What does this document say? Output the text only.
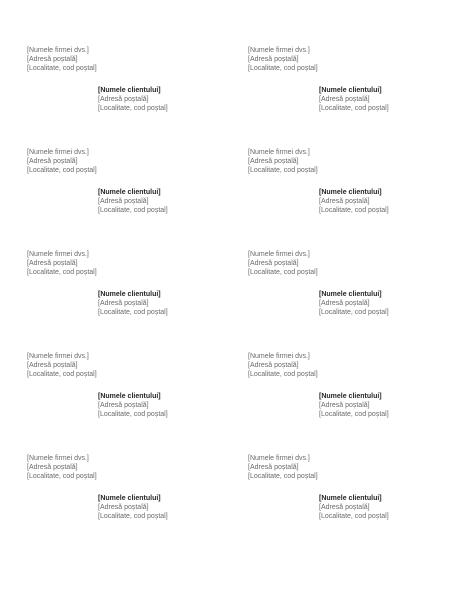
[Numele firmei dvs.]
[Adresă poștală]
[Localitate, cod poștal]
[Numele clientului]
[Adresă poștală]
[Localitate, cod poștal]
[Numele firmei dvs.]
[Adresă poștală]
[Localitate, cod poștal]
[Numele clientului]
[Adresă poștală]
[Localitate, cod poștal]
[Numele firmei dvs.]
[Adresă poștală]
[Localitate, cod poștal]
[Numele clientului]
[Adresă poștală]
[Localitate, cod poștal]
[Numele firmei dvs.]
[Adresă poștală]
[Localitate, cod poștal]
[Numele clientului]
[Adresă poștală]
[Localitate, cod poștal]
[Numele firmei dvs.]
[Adresă poștală]
[Localitate, cod poștal]
[Numele clientului]
[Adresă poștală]
[Localitate, cod poștal]
[Numele firmei dvs.]
[Adresă poștală]
[Localitate, cod poștal]
[Numele clientului]
[Adresă poștală]
[Localitate, cod poștal]
[Numele firmei dvs.]
[Adresă poștală]
[Localitate, cod poștal]
[Numele clientului]
[Adresă poștală]
[Localitate, cod poștal]
[Numele firmei dvs.]
[Adresă poștală]
[Localitate, cod poștal]
[Numele clientului]
[Adresă poștală]
[Localitate, cod poștal]
[Numele firmei dvs.]
[Adresă poștală]
[Localitate, cod poștal]
[Numele clientului]
[Adresă poștală]
[Localitate, cod poștal]
[Numele firmei dvs.]
[Adresă poștală]
[Localitate, cod poștal]
[Numele clientului]
[Adresă poștală]
[Localitate, cod poștal]
